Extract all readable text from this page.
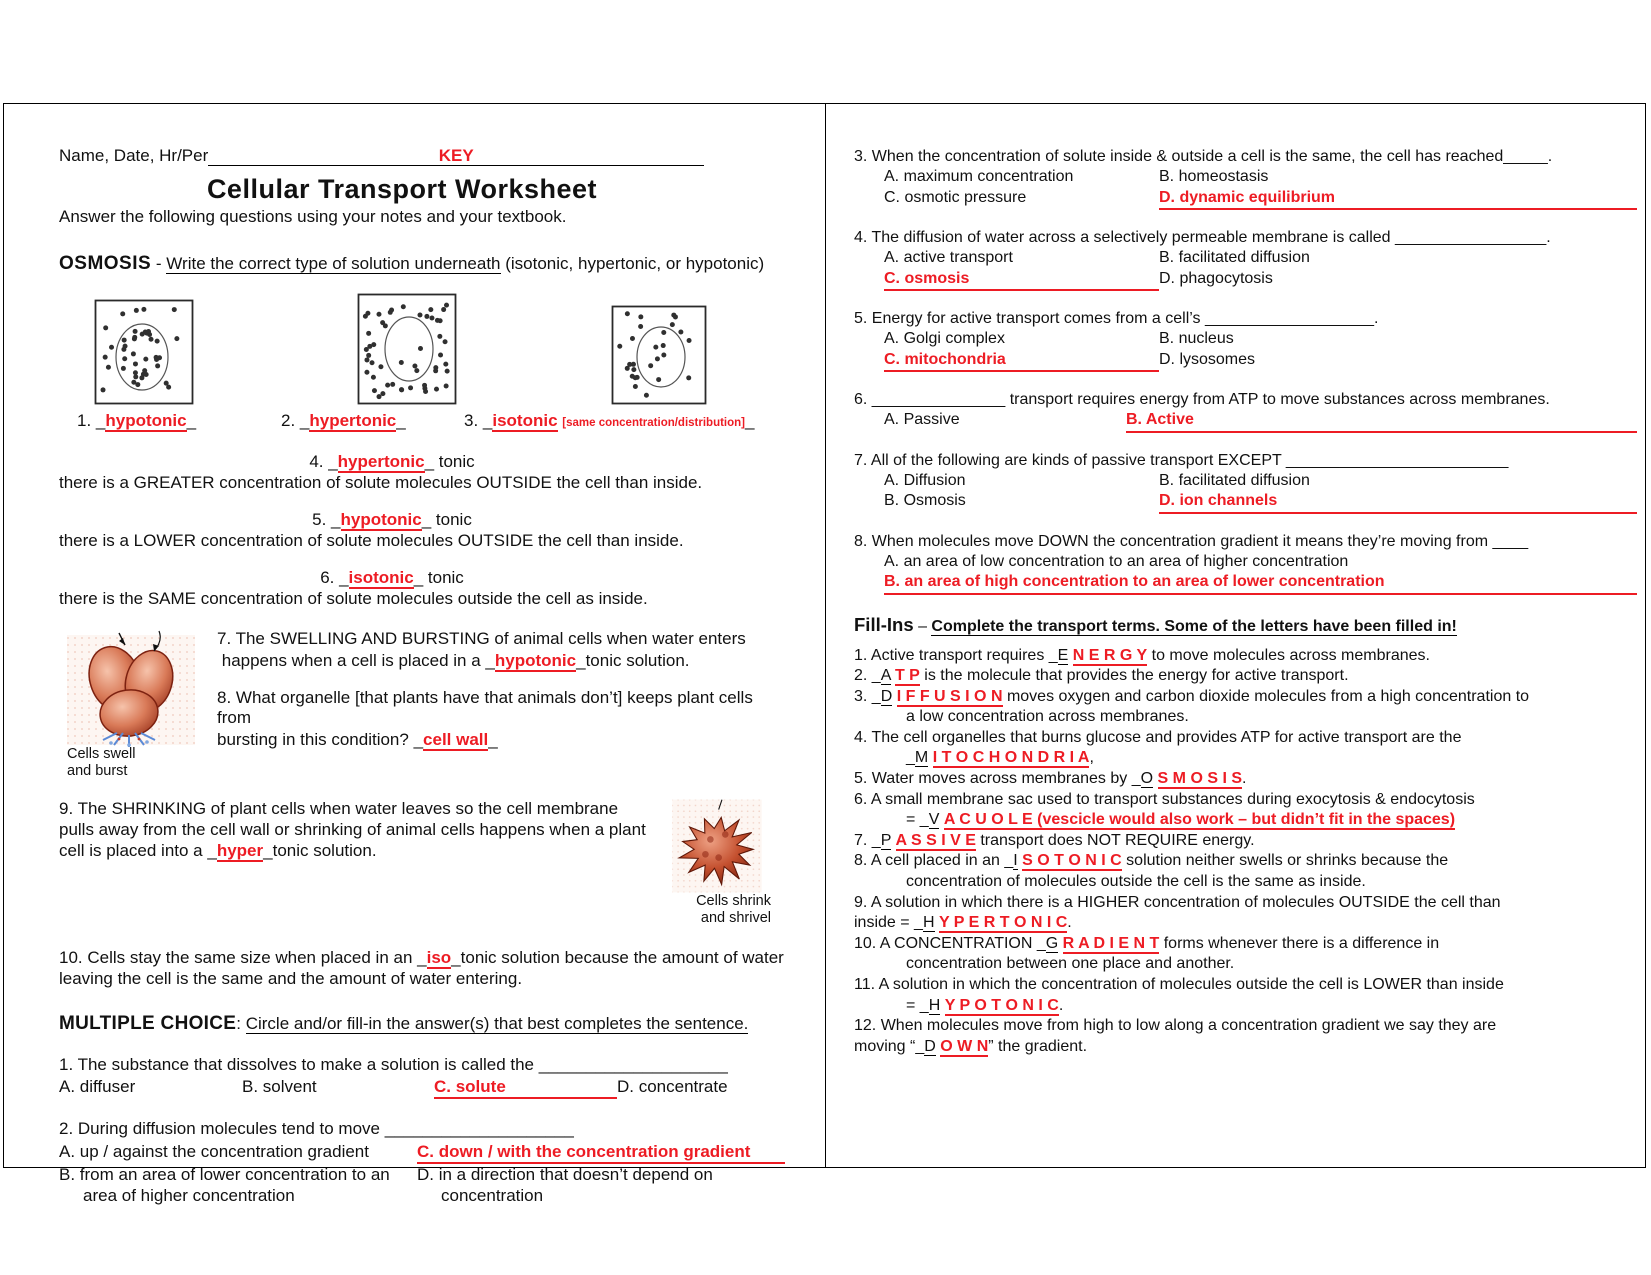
Name, Date, Hr/Per	KEY
Cellular Transport Worksheet
Answer the following questions using your notes and your textbook.
OSMOSIS - Write the correct type of solution underneath (isotonic, hypertonic, or hypotonic)
1. _hypotonic_	2. _hypertonic_	3. _isotonic [same concentration/distribution]_
4. _hypertonic_ tonic
there is a GREATER concentration of solute molecules OUTSIDE the cell than inside.
5. _hypotonic_ tonic
there is a LOWER concentration of solute molecules OUTSIDE the cell than inside.
6. _isotonic_ tonic
there is the SAME concentration of solute molecules outside the cell as inside.
Cells swell
and burst

7. The SWELLING AND BURSTING of animal cells when water enters

happens when a cell is placed in a _hypotonic_tonic solution.

8. What organelle [that plants have that animals don’t] keeps plant cells from

bursting in this condition? _cell wall_

9. The SHRINKING of plant cells when water leaves so the cell membrane pulls away from the cell wall or shrinking of animal cells happens when a plant cell is placed into a _hyper_tonic solution.
Cells shrink
and shrivel
10. Cells stay the same size when placed in an _iso_tonic solution because the amount of water leaving the cell is the same and the amount of water entering.
MULTIPLE CHOICE: Circle and/or fill-in the answer(s) that best completes the sentence.
1. The substance that dissolves to make a solution is called the ____________________
A. diffuser	B. solvent	C. solute	D. concentrate
2. During diffusion molecules tend to move ____________________
A. up / against the concentration gradient	C. down / with the concentration gradient
B. from an area of lower concentration to an area of higher concentration
D. in a direction that doesn’t depend on concentration
3. When the concentration of solute inside & outside a cell is the same, the cell has reached_____.
A. maximum concentration	B. homeostasis
C. osmotic pressure	D. dynamic equilibrium
4. The diffusion of water across a selectively permeable membrane is called _________________.
A. active transport	B. facilitated diffusion
C. osmosis	D. phagocytosis
5. Energy for active transport comes from a cell’s ___________________.
A. Golgi complex	B. nucleus
C. mitochondria	D. lysosomes
6. _______________ transport requires energy from ATP to move substances across membranes.
A. Passive	B. Active
7. All of the following are kinds of passive transport EXCEPT _________________________
A. Diffusion	B. facilitated diffusion
B. Osmosis	D. ion channels
8. When molecules move DOWN the concentration gradient it means they’re moving from ____
A. an area of low concentration to an area of higher concentration
B. an area of high concentration to an area of lower concentration
Fill-Ins – Complete the transport terms. Some of the letters have been filled in!
1. Active transport requires _E N E R G Y to move molecules across membranes.
2. _A T P is the molecule that provides the energy for active transport.
3. _D I F F U S I O N moves oxygen and carbon dioxide molecules from a high concentration to
a low concentration across membranes.
4. The cell organelles that burns glucose and provides ATP for active transport are the
_M I T O C H O N D R I A,
5. Water moves across membranes by _O S M O S I S.
6. A small membrane sac used to transport substances during exocytosis & endocytosis
= _V A C U O L E (vescicle would also work – but didn’t fit in the spaces)
7. _P A S S I V E transport does NOT REQUIRE energy.
8. A cell placed in an _I S O T O N I C solution neither swells or shrinks because the
concentration of molecules outside the cell is the same as inside.
9. A solution in which there is a HIGHER concentration of molecules OUTSIDE the cell than
inside = _H Y P E R T O N I C.
10. A CONCENTRATION _G R A D I E N T forms whenever there is a difference in
concentration between one place and another.
11. A solution in which the concentration of molecules outside the cell is LOWER than inside
= _H Y P O T O N I C.
12. When molecules move from high to low along a concentration gradient we say they are
moving “_D O W N” the gradient.
